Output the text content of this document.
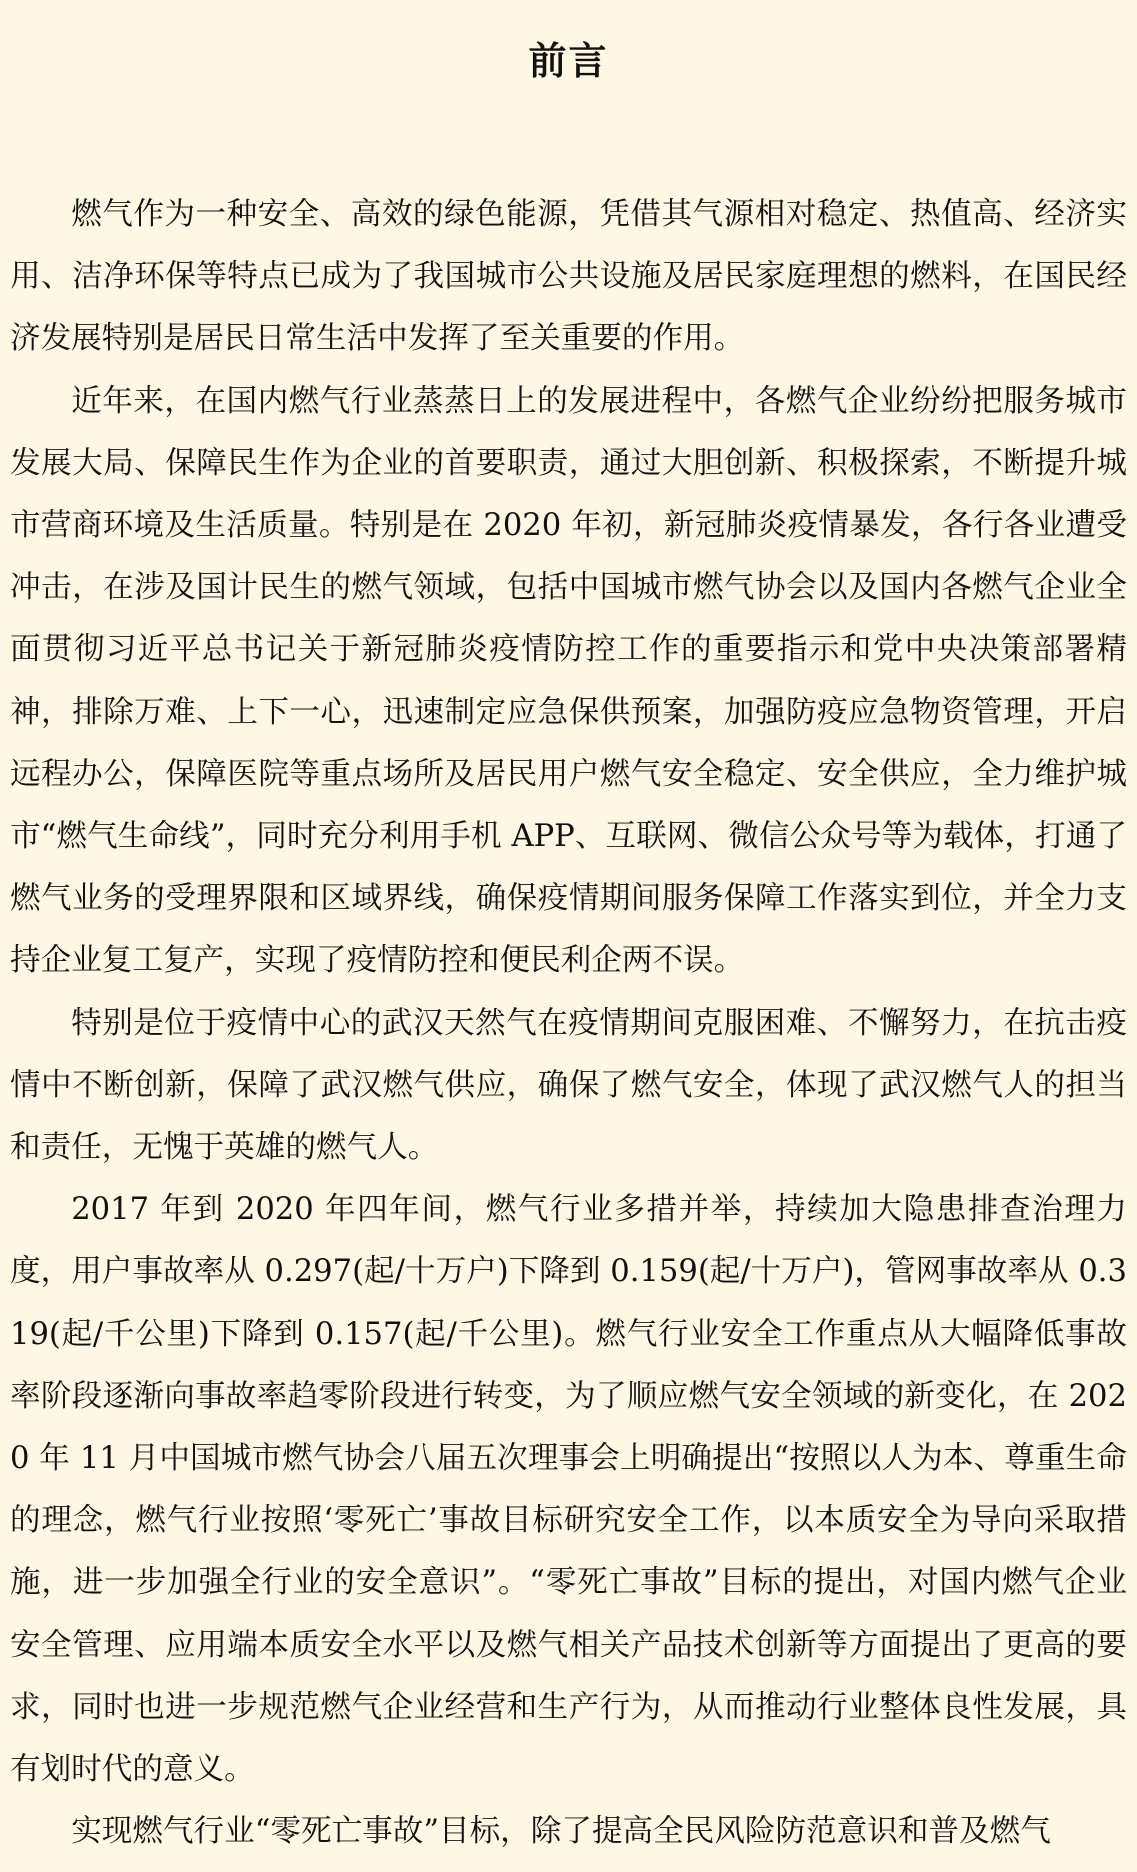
前言

燃气作为一种安全、高效的绿色能源，凭借其气源相对稳定、热值高、经济实用、洁净环保等特点已成为了我国城市公共设施及居民家庭理想的燃料，在国民经济发展特别是居民日常生活中发挥了至关重要的作用。

近年来，在国内燃气行业蒸蒸日上的发展进程中，各燃气企业纷纷把服务城市发展大局、保障民生作为企业的首要职责，通过大胆创新、积极探索，不断提升城市营商环境及生活质量。特别是在 2020 年初，新冠肺炎疫情暴发，各行各业遭受冲击，在涉及国计民生的燃气领域，包括中国城市燃气协会以及国内各燃气企业全面贯彻习近平总书记关于新冠肺炎疫情防控工作的重要指示和党中央决策部署精神，排除万难、上下一心，迅速制定应急保供预案，加强防疫应急物资管理，开启远程办公，保障医院等重点场所及居民用户燃气安全稳定、安全供应，全力维护城市“燃气生命线”，同时充分利用手机 APP、互联网、微信公众号等为载体，打通了燃气业务的受理界限和区域界线，确保疫情期间服务保障工作落实到位，并全力支持企业复工复产，实现了疫情防控和便民利企两不误。

特别是位于疫情中心的武汉天然气在疫情期间克服困难、不懈努力，在抗击疫情中不断创新，保障了武汉燃气供应，确保了燃气安全，体现了武汉燃气人的担当和责任，无愧于英雄的燃气人。

2017 年到 2020 年四年间，燃气行业多措并举，持续加大隐患排查治理力度，用户事故率从 0.297(起/十万户)下降到 0.159(起/十万户)，管网事故率从 0.319(起/千公里)下降到 0.157(起/千公里)。燃气行业安全工作重点从大幅降低事故率阶段逐渐向事故率趋零阶段进行转变，为了顺应燃气安全领域的新变化，在 2020 年 11 月中国城市燃气协会八届五次理事会上明确提出“按照以人为本、尊重生命的理念，燃气行业按照‘零死亡’事故目标研究安全工作，以本质安全为导向采取措施，进一步加强全行业的安全意识”。“零死亡事故”目标的提出，对国内燃气企业安全管理、应用端本质安全水平以及燃气相关产品技术创新等方面提出了更高的要求，同时也进一步规范燃气企业经营和生产行为，从而推动行业整体良性发展，具有划时代的意义。

实现燃气行业“零死亡事故”目标，除了提高全民风险防范意识和普及燃气
